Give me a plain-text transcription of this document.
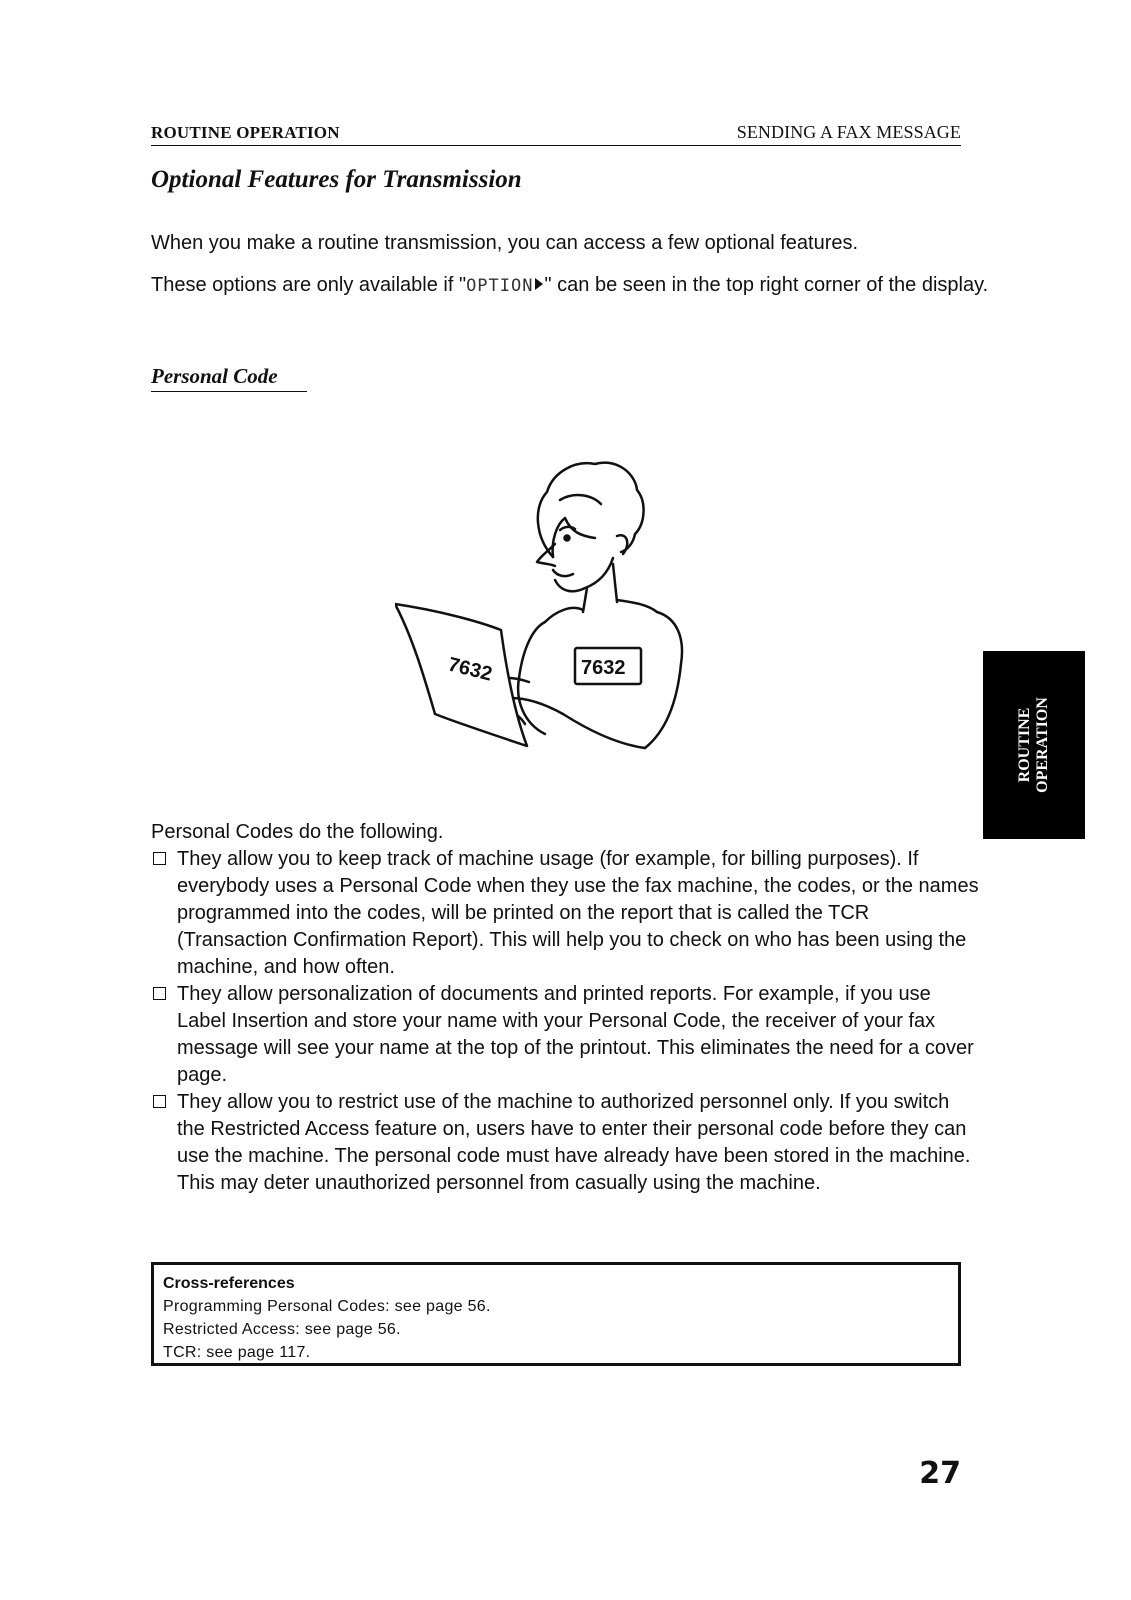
ROUTINE OPERATION	SENDING A FAX MESSAGE
Optional Features for Transmission
When you make a routine transmission, you can access a few optional features.
These options are only available if "OPTION " can be seen in the top right corner of the display.
Personal Code
7632	7632
ROUTINE OPERATION
Personal Codes do the following.
They allow you to keep track of machine usage (for example, for billing purposes). If everybody uses a Personal Code when they use the fax machine, the codes, or the names programmed into the codes, will be printed on the report that is called the TCR (Transaction Confirmation Report). This will help you to check on who has been using the machine, and how often.
They allow personalization of documents and printed reports. For example, if you use Label Insertion and store your name with your Personal Code, the receiver of your fax message will see your name at the top of the printout. This eliminates the need for a cover page.
They allow you to restrict use of the machine to authorized personnel only. If you switch the Restricted Access feature on, users have to enter their personal code before they can use the machine. The personal code must have already have been stored in the machine. This may deter unauthorized personnel from casually using the machine.
Cross-references
Programming Personal Codes: see page 56.
Restricted Access: see page 56.
TCR: see page 117.
27
